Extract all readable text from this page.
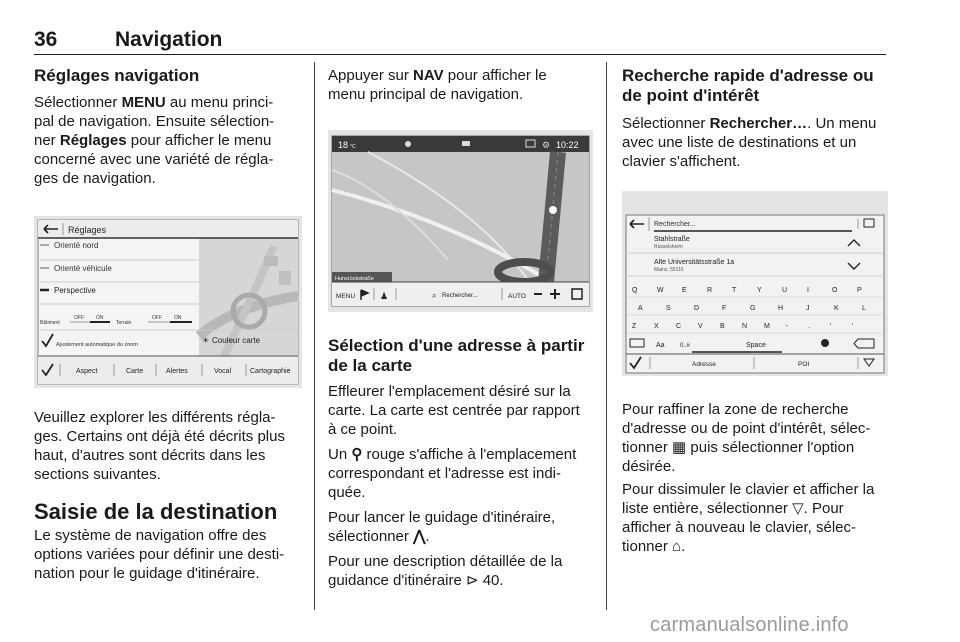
36	Navigation
Réglages navigation

Sélectionner MENU au menu princi-
pal de navigation. Ensuite sélection-
ner Réglages pour afficher le menu
concerné avec une variété de régla-
ges de navigation.

Réglages
Orienté nord
Orienté véhicule
Perspective
Bâtiment
OFF ON
Terrain
OFF ON
Ajustement automatique du zoom	☀ Couleur carte
Aspect	Carte	Alertes	Vocal	Cartographie

Veuillez explorer les différents régla-
ges. Certains ont déjà été décrits plus
haut, d'autres sont décrits dans les
sections suivantes.

Saisie de la destination

Le système de navigation offre des
options variées pour définir une desti-
nation pour le guidage d'itinéraire.

Appuyer sur NAV pour afficher le
menu principal de navigation.

18 °C	⚙ 10:22
Hunsrückstraße
MENU	♟	⌕ Rechercher...	AUTO
Sélection d'une adresse à partir
de la carte

Effleurer l'emplacement désiré sur la
carte. La carte est centrée par rapport
à ce point.

Un ⚲ rouge s'affiche à l'emplacement
correspondant et l'adresse est indi-
quée.

Pour lancer le guidage d'itinéraire,
sélectionner ⋀.

Pour une description détaillée de la
guidance d'itinéraire ⊳ 40.

Recherche rapide d'adresse ou
de point d'intérêt

Sélectionner Rechercher…. Un menu
avec une liste de destinations et un
clavier s'affichent.

Rechercher...
Stahlstraße
Rüsselsheim
Alte Universitätsstraße 1a
Mainz, 55116
Q	W	E	R	T	Y	U	I	O	P
A	S	D	F	G	H	J	K	L
Z	X C V B N M -	.	'	'
Aa	0..#	Space
Adresse	POI

Pour raffiner la zone de recherche
d'adresse ou de point d'intérêt, sélec-
tionner ▦ puis sélectionner l'option
désirée.

Pour dissimuler le clavier et afficher la
liste entière, sélectionner ▽. Pour
afficher à nouveau le clavier, sélec-
tionner ⌂.

carmanualsonline.info
